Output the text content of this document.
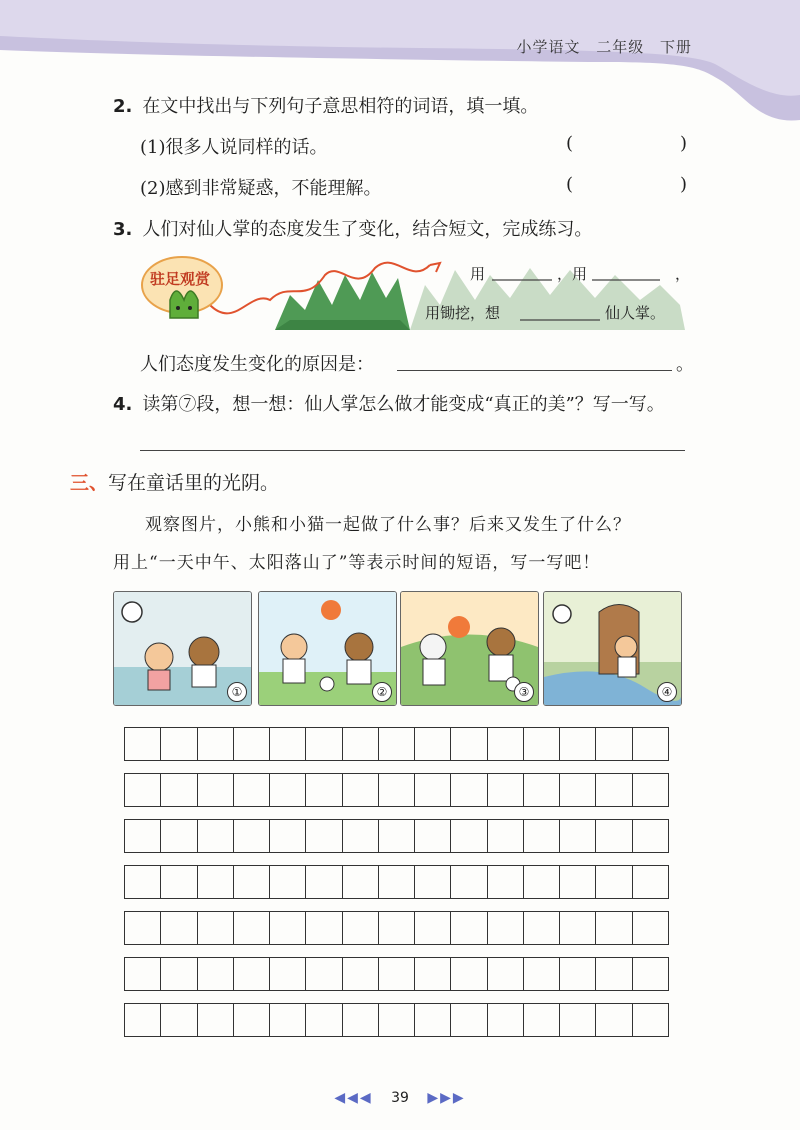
小学语文 二年级 下册
2. 在文中找出与下列句子意思相符的词语，填一填。
(1)很多人说同样的话。	(	)
(2)感到非常疑惑，不能理解。	(	)
3. 人们对仙人掌的态度发生了变化，结合短文，完成练习。
驻足观赏	用	，用	，
用锄挖，想	仙人掌。
人们态度发生变化的原因是：	。
4. 读第⑦段，想一想：仙人掌怎么做才能变成“真正的美”？写一写。
三、写在童话里的光阴。
观察图片，小熊和小猫一起做了什么事？后来又发生了什么？
用上“一天中午、太阳落山了”等表示时间的短语，写一写吧！
①	②	③	④
◀◀◀ 39 ▶▶▶
